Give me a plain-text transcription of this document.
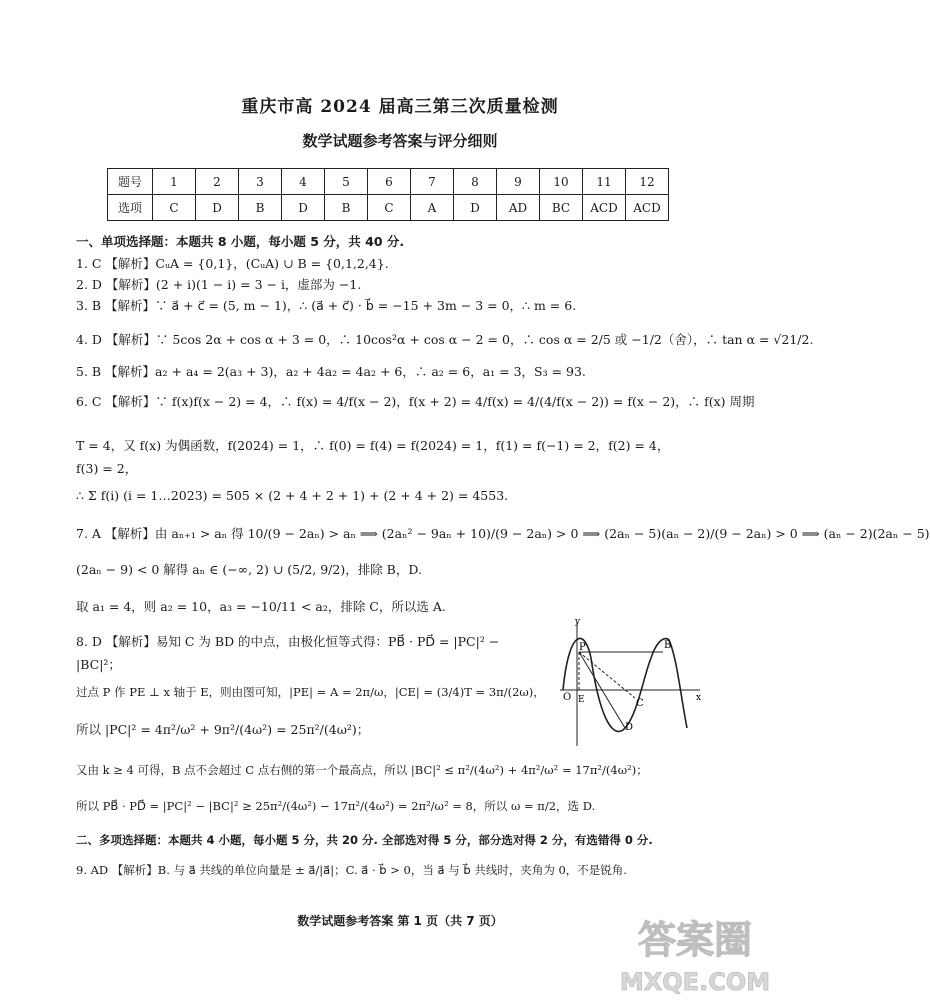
重庆市高 2024 届高三第三次质量检测
数学试题参考答案与评分细则
题号	1	2	3	4	5	6	7	8	9	10	11	12
选项	C	D	B	D	B	C	A	D	AD	BC	ACD	ACD
一、单项选择题：本题共 8 小题，每小题 5 分，共 40 分.
1. C 【解析】CᵤA = {0,1}，(CᵤA) ∪ B = {0,1,2,4}.
2. D 【解析】(2 + i)(1 − i) = 3 − i，虚部为 −1.
3. B 【解析】∵ a⃗ + c⃗ = (5, m − 1)，∴ (a⃗ + c⃗) · b⃗ = −15 + 3m − 3 = 0，∴ m = 6.
4. D 【解析】∵ 5cos 2α + cos α + 3 = 0，∴ 10cos²α + cos α − 2 = 0，∴ cos α = 2/5 或 −1/2（舍），∴ tan α = √21/2.
5. B 【解析】a₂ + a₄ = 2(a₃ + 3)，a₂ + 4a₂ = 4a₂ + 6，∴ a₂ = 6，a₁ = 3，S₃ = 93.
6. C 【解析】∵ f(x)f(x − 2) = 4，∴ f(x) = 4/f(x − 2)，f(x + 2) = 4/f(x) = 4/(4/f(x − 2)) = f(x − 2)，∴ f(x) 周期
T = 4，又 f(x) 为偶函数，f(2024) = 1，∴ f(0) = f(4) = f(2024) = 1，f(1) = f(−1) = 2，f(2) = 4，
f(3) = 2，
∴ Σ f(i) (i = 1…2023) = 505 × (2 + 4 + 2 + 1) + (2 + 4 + 2) = 4553.
7. A 【解析】由 aₙ₊₁ > aₙ 得 10/(9 − 2aₙ) > aₙ ⟹ (2aₙ² − 9aₙ + 10)/(9 − 2aₙ) > 0 ⟹ (2aₙ − 5)(aₙ − 2)/(9 − 2aₙ) > 0 ⟹ (aₙ − 2)(2aₙ − 5)
(2aₙ − 9) < 0 解得 aₙ ∈ (−∞, 2) ∪ (5/2, 9/2)，排除 B，D.
取 a₁ = 4，则 a₂ = 10，a₃ = −10/11 < a₂，排除 C，所以选 A.
8. D 【解析】易知 C 为 BD 的中点，由极化恒等式得：PB⃗ · PD⃗ = |PC|² −
|BC|²；
过点 P 作 PE ⊥ x 轴于 E，则由图可知，|PE| = A = 2π/ω，|CE| = (3/4)T = 3π/(2ω)，
所以 |PC|² = 4π²/ω² + 9π²/(4ω²) = 25π²/(4ω²)；
又由 k ≥ 4 可得，B 点不会超过 C 点右侧的第一个最高点，所以 |BC|² ≤ π²/(4ω²) + 4π²/ω² = 17π²/(4ω²)；
所以 PB⃗ · PD⃗ = |PC|² − |BC|² ≥ 25π²/(4ω²) − 17π²/(4ω²) = 2π²/ω² = 8，所以 ω = π/2，选 D.
二、多项选择题：本题共 4 小题，每小题 5 分，共 20 分. 全部选对得 5 分，部分选对得 2 分，有选错得 0 分.
9. AD 【解析】B. 与 a⃗ 共线的单位向量是 ± a⃗/|a⃗|；C. a⃗ · b⃗ > 0，当 a⃗ 与 b⃗ 共线时，夹角为 0，不是锐角.
y
P	B
O E	C
D
x
数学试题参考答案 第 1 页（共 7 页）	答案圈
MXQE.COM
